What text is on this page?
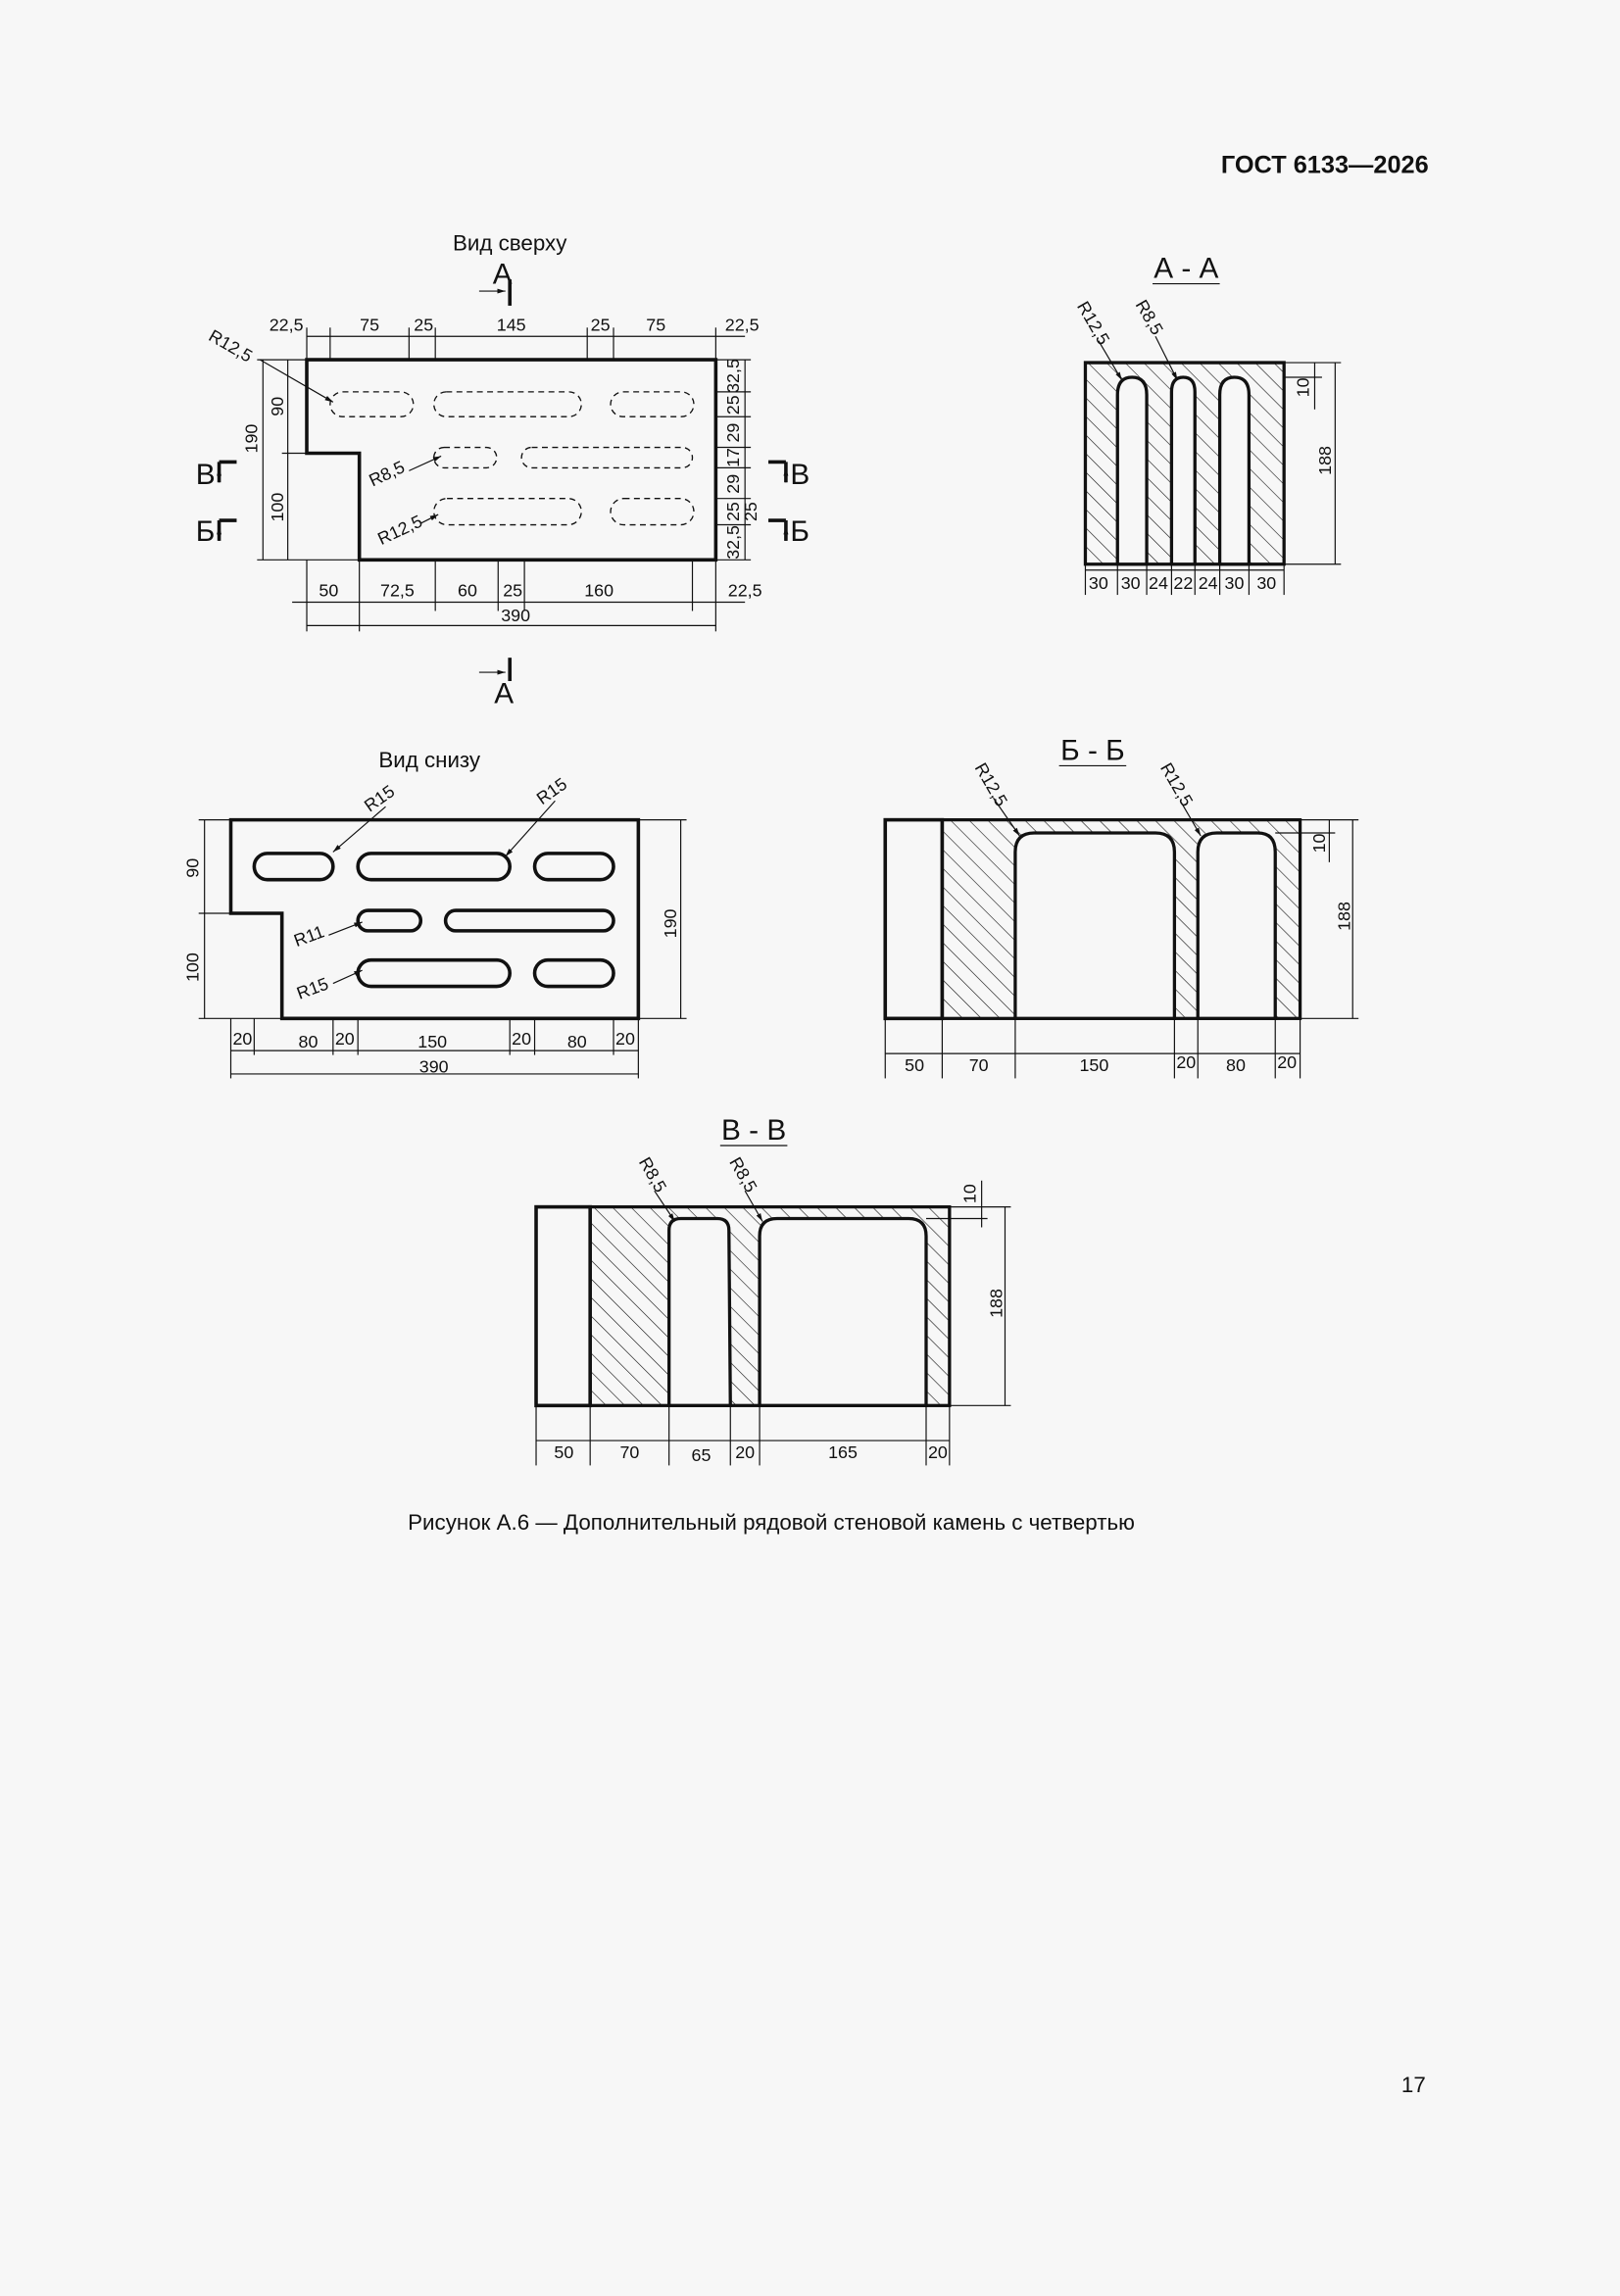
ГОСТ 6133—2026
17
Вид сверху
А
А
22,5	75	25	145	25	75	22,5
50	72,5	60 25	160	22,5
390
90
190
100
32,5
25
29
17
29
25
25
32,5
В	В
Б	Б
R12,5
R8,5
R12,5
А - А
R12,5 R8,5
10
188
30 30 24 22 24 30 30
Вид снизу
R15	R15
R11
R15
90
100
190
20	80 20	150	20	80 20
390
Б - Б
R12,5	R12,5
10
188
50	70	150	20	80	20
В - В
R8,5	R8,5	10
188
50	70	65 20	165	20
Рисунок А.6 — Дополнительный рядовой стеновой камень с четвертью
